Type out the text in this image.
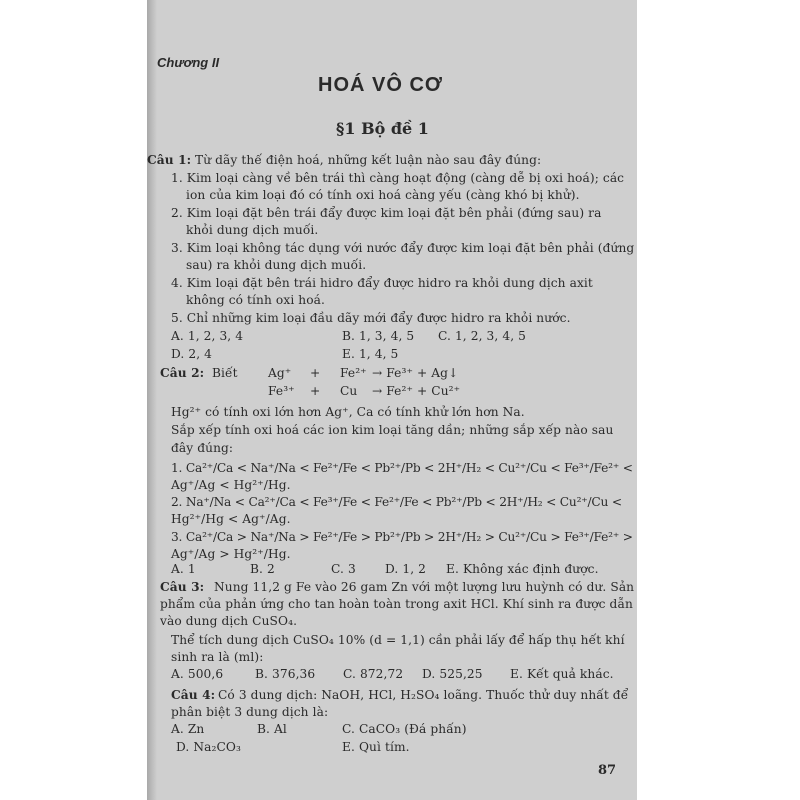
Chương II
HOÁ VÔ CƠ
§1 Bộ đề 1
Câu 1: Từ dãy thế điện hoá, những kết luận nào sau đây đúng:
1. Kim loại càng về bên trái thì càng hoạt động (càng dễ bị oxi hoá); các
ion của kim loại đó có tính oxi hoá càng yếu (càng khó bị khử).
2. Kim loại đặt bên trái đẩy được kim loại đặt bên phải (đứng sau) ra
khỏi dung dịch muối.
3. Kim loại không tác dụng với nước đẩy được kim loại đặt bên phải (đứng
sau) ra khỏi dung dịch muối.
4. Kim loại đặt bên trái hidro đẩy được hidro ra khỏi dung dịch axit
không có tính oxi hoá.
5. Chỉ những kim loại đầu dãy mới đẩy được hidro ra khỏi nước.
A. 1, 2, 3, 4	B. 1, 3, 4, 5 C. 1, 2, 3, 4, 5
D. 2, 4	E. 1, 4, 5
Câu 2: Biết Ag⁺ + Fe²⁺ → Fe³⁺ + Ag↓
Fe³⁺ + Cu → Fe²⁺ + Cu²⁺
Hg²⁺ có tính oxi lớn hơn Ag⁺, Ca có tính khử lớn hơn Na.
Sắp xếp tính oxi hoá các ion kim loại tăng dần; những sắp xếp nào sau
đây đúng:
1. Ca²⁺/Ca < Na⁺/Na < Fe²⁺/Fe < Pb²⁺/Pb < 2H⁺/H₂ < Cu²⁺/Cu < Fe³⁺/Fe²⁺ <
Ag⁺/Ag < Hg²⁺/Hg.
2. Na⁺/Na < Ca²⁺/Ca < Fe³⁺/Fe < Fe²⁺/Fe < Pb²⁺/Pb < 2H⁺/H₂ < Cu²⁺/Cu <
Hg²⁺/Hg < Ag⁺/Ag.
3. Ca²⁺/Ca > Na⁺/Na > Fe²⁺/Fe > Pb²⁺/Pb > 2H⁺/H₂ > Cu²⁺/Cu > Fe³⁺/Fe²⁺ >
Ag⁺/Ag > Hg²⁺/Hg.
A. 1	B. 2	C. 3 D. 1, 2 E. Không xác định được.
Câu 3: Nung 11,2 g Fe vào 26 gam Zn với một lượng lưu huỳnh có dư. Sản
phẩm của phản ứng cho tan hoàn toàn trong axit HCl. Khí sinh ra được dẫn
vào dung dịch CuSO₄.
Thể tích dung dịch CuSO₄ 10% (d = 1,1) cần phải lấy để hấp thụ hết khí
sinh ra là (ml):
A. 500,6	B. 376,36 C. 872,72 D. 525,25 E. Kết quả khác.
Câu 4: Có 3 dung dịch: NaOH, HCl, H₂SO₄ loãng. Thuốc thử duy nhất để
phân biệt 3 dung dịch là:
A. Zn	B. Al	C. CaCO₃ (Đá phấn)
D. Na₂CO₃	E. Quì tím.
87
